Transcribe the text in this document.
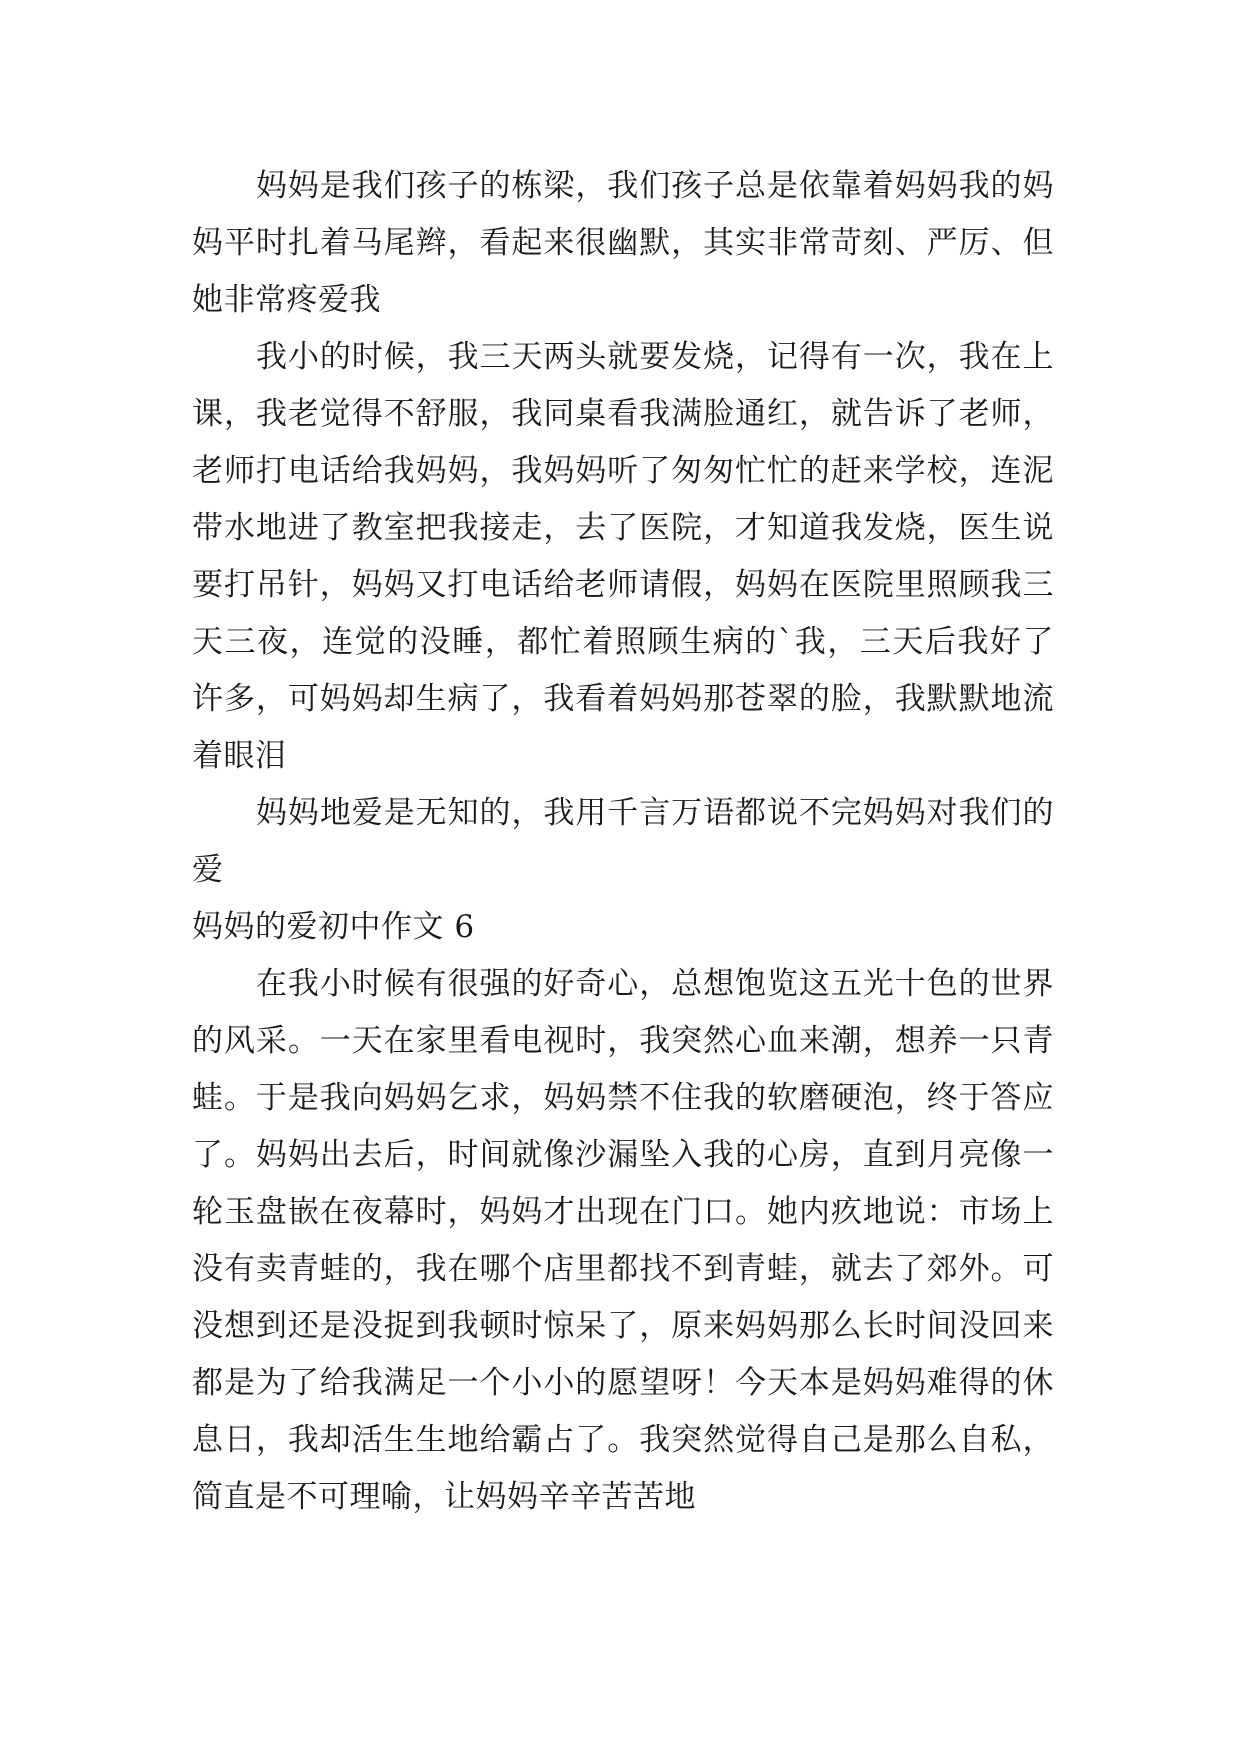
妈妈是我们孩子的栋梁，我们孩子总是依靠着妈妈我的妈妈平时扎着马尾辫，看起来很幽默，其实非常苛刻、严厉、但她非常疼爱我

我小的时候，我三天两头就要发烧，记得有一次，我在上课，我老觉得不舒服，我同桌看我满脸通红，就告诉了老师，老师打电话给我妈妈，我妈妈听了匆匆忙忙的赶来学校，连泥带水地进了教室把我接走，去了医院，才知道我发烧，医生说要打吊针，妈妈又打电话给老师请假，妈妈在医院里照顾我三天三夜，连觉的没睡，都忙着照顾生病的`我，三天后我好了许多，可妈妈却生病了，我看着妈妈那苍翠的脸，我默默地流着眼泪

妈妈地爱是无知的，我用千言万语都说不完妈妈对我们的爱

妈妈的爱初中作文 6

在我小时候有很强的好奇心，总想饱览这五光十色的世界的风采。一天在家里看电视时，我突然心血来潮，想养一只青蛙。于是我向妈妈乞求，妈妈禁不住我的软磨硬泡，终于答应了。妈妈出去后，时间就像沙漏坠入我的心房，直到月亮像一轮玉盘嵌在夜幕时，妈妈才出现在门口。她内疚地说：市场上没有卖青蛙的，我在哪个店里都找不到青蛙，就去了郊外。可没想到还是没捉到我顿时惊呆了，原来妈妈那么长时间没回来都是为了给我满足一个小小的愿望呀！今天本是妈妈难得的休息日，我却活生生地给霸占了。我突然觉得自己是那么自私，简直是不可理喻，让妈妈辛辛苦苦地
